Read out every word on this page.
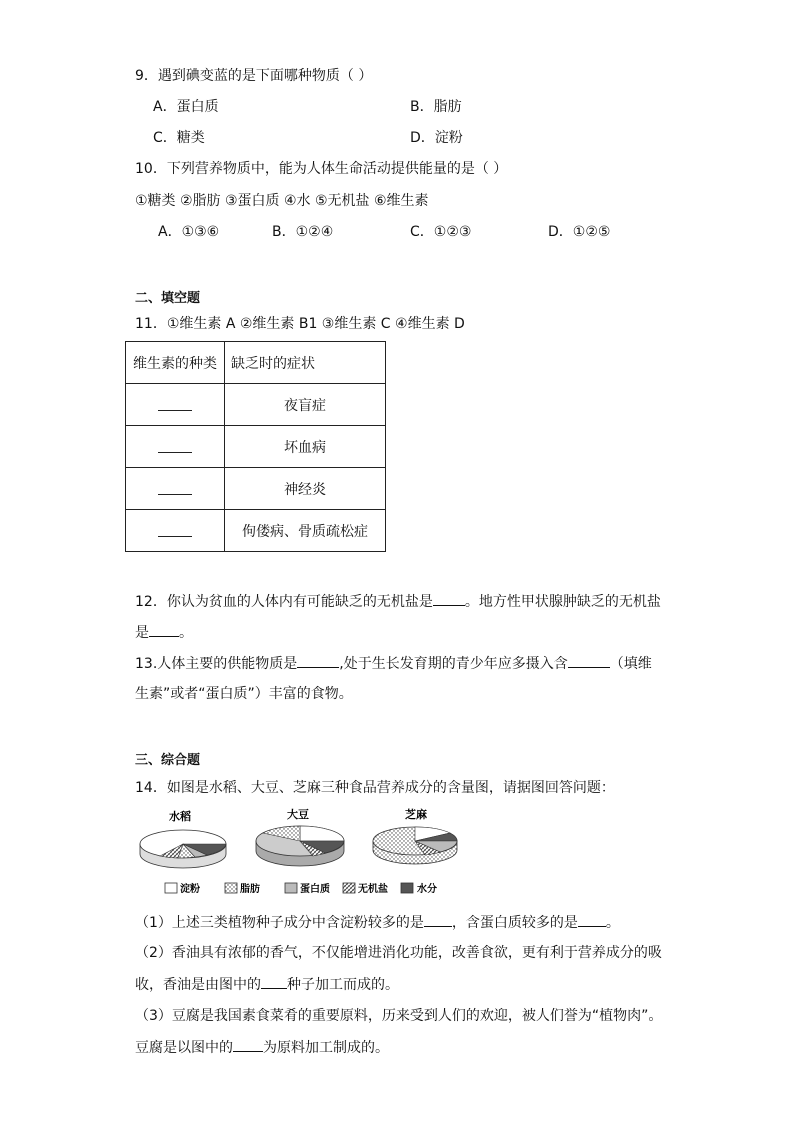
9．遇到碘变蓝的是下面哪种物质（ ）
A．蛋白质	B．脂肪
C．糖类	D．淀粉
10．下列营养物质中，能为人体生命活动提供能量的是（ ）
①糖类 ②脂肪 ③蛋白质 ④水 ⑤无机盐 ⑥维生素
A．①③⑥	B．①②④	C．①②③	D．①②⑤
二、填空题
11．①维生素 A ②维生素 B1 ③维生素 C ④维生素 D
维生素的种类	缺乏时的症状
	夜盲症
	坏血病
	神经炎
	佝偻病、骨质疏松症
12．你认为贫血的人体内有可能缺乏的无机盐是 。地方性甲状腺肿缺乏的无机盐
是 。
13.人体主要的供能物质是	,处于生长发育期的青少年应多摄入含	（填维
生素”或者“蛋白质”）丰富的食物。
三、综合题
14．如图是水稻、大豆、芝麻三种食品营养成分的含量图，请据图回答问题：
水稻	大豆	芝麻
淀粉	脂肪	蛋白质	无机盐	水分
（1）上述三类植物种子成分中含淀粉较多的是 ，含蛋白质较多的是 。
（2）香油具有浓郁的香气，不仅能增进消化功能，改善食欲，更有利于营养成分的吸
收，香油是由图中的 种子加工而成的。
（3）豆腐是我国素食菜肴的重要原料，历来受到人们的欢迎，被人们誉为“植物肉”。
豆腐是以图中的 为原料加工制成的。
